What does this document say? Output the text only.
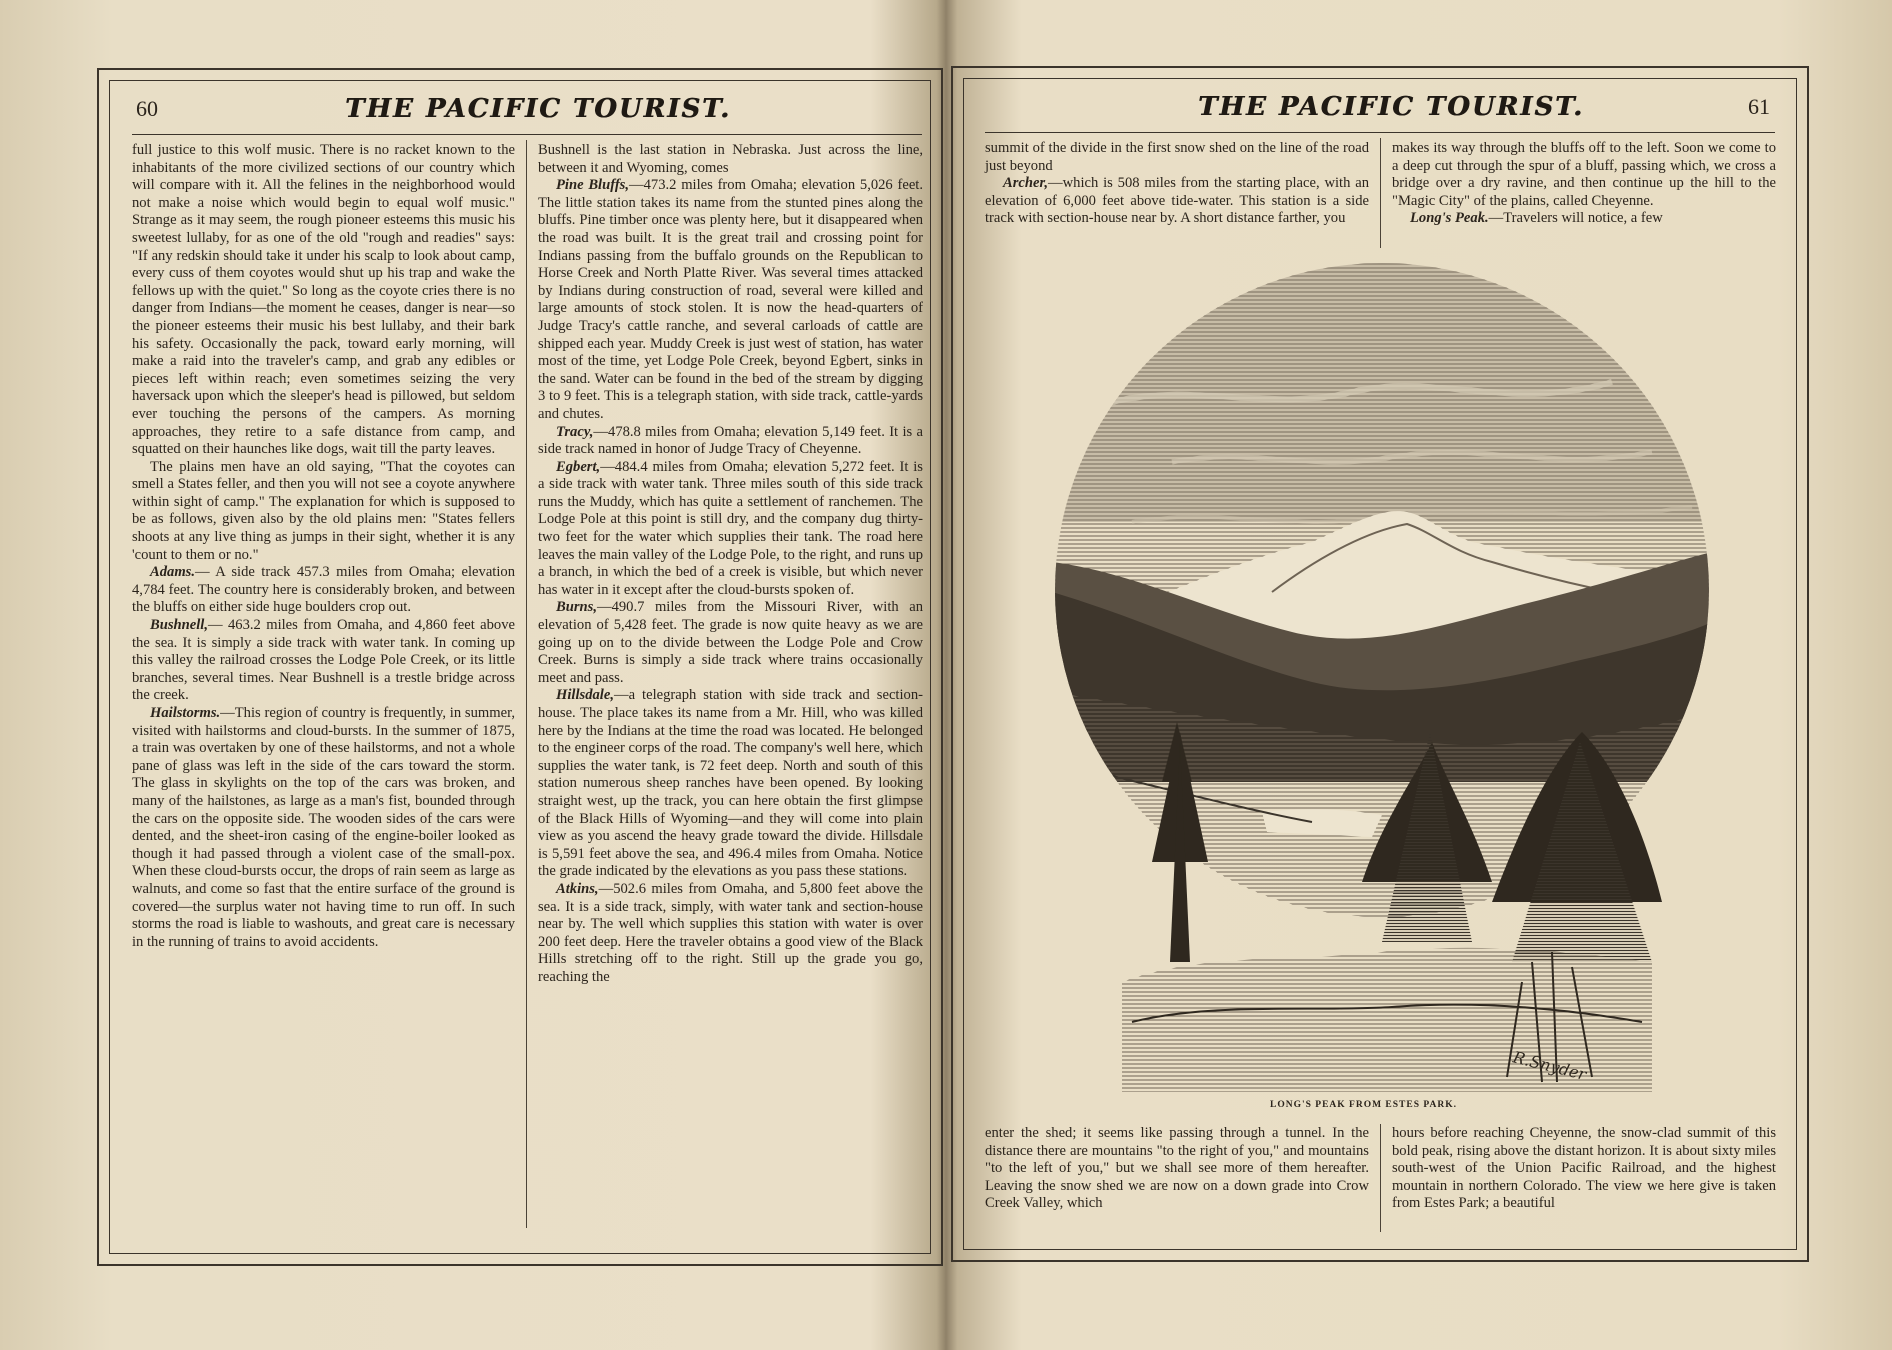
60	THE PACIFIC TOURIST.

full justice to this wolf music. There is no racket known to the inhabitants of the more civilized sections of our country which will compare with it. All the felines in the neighborhood would not make a noise which would begin to equal wolf music." Strange as it may seem, the rough pioneer esteems this music his sweetest lullaby, for as one of the old "rough and readies" says: "If any redskin should take it under his scalp to look about camp, every cuss of them coyotes would shut up his trap and wake the fellows up with the quiet." So long as the coyote cries there is no danger from Indians—the moment he ceases, danger is near—so the pioneer esteems their music his best lullaby, and their bark his safety. Occasionally the pack, toward early morning, will make a raid into the traveler's camp, and grab any edibles or pieces left within reach; even sometimes seizing the very haversack upon which the sleeper's head is pillowed, but seldom ever touching the persons of the campers. As morning approaches, they retire to a safe distance from camp, and squatted on their haunches like dogs, wait till the party leaves.

The plains men have an old saying, "That the coyotes can smell a States feller, and then you will not see a coyote anywhere within sight of camp." The explanation for which is supposed to be as follows, given also by the old plains men: "States fellers shoots at any live thing as jumps in their sight, whether it is any 'count to them or no."

Adams.— A side track 457.3 miles from Omaha; elevation 4,784 feet. The country here is considerably broken, and between the bluffs on either side huge boulders crop out.

Bushnell,— 463.2 miles from Omaha, and 4,860 feet above the sea. It is simply a side track with water tank. In coming up this valley the railroad crosses the Lodge Pole Creek, or its little branches, several times. Near Bushnell is a trestle bridge across the creek.

Hailstorms.—This region of country is frequently, in summer, visited with hailstorms and cloud-bursts. In the summer of 1875, a train was overtaken by one of these hailstorms, and not a whole pane of glass was left in the side of the cars toward the storm. The glass in skylights on the top of the cars was broken, and many of the hailstones, as large as a man's fist, bounded through the cars on the opposite side. The wooden sides of the cars were dented, and the sheet-iron casing of the engine-boiler looked as though it had passed through a violent case of the small-pox. When these cloud-bursts occur, the drops of rain seem as large as walnuts, and come so fast that the entire surface of the ground is covered—the surplus water not having time to run off. In such storms the road is liable to washouts, and great care is necessary in the running of trains to avoid accidents.

Bushnell is the last station in Nebraska. Just across the line, between it and Wyoming, comes

Pine Bluffs,—473.2 miles from Omaha; elevation 5,026 feet. The little station takes its name from the stunted pines along the bluffs. Pine timber once was plenty here, but it disappeared when the road was built. It is the great trail and crossing point for Indians passing from the buffalo grounds on the Republican to Horse Creek and North Platte River. Was several times attacked by Indians during construction of road, several were killed and large amounts of stock stolen. It is now the head-quarters of Judge Tracy's cattle ranche, and several carloads of cattle are shipped each year. Muddy Creek is just west of station, has water most of the time, yet Lodge Pole Creek, beyond Egbert, sinks in the sand. Water can be found in the bed of the stream by digging 3 to 9 feet. This is a telegraph station, with side track, cattle-yards and chutes.

Tracy,—478.8 miles from Omaha; elevation 5,149 feet. It is a side track named in honor of Judge Tracy of Cheyenne.

Egbert,—484.4 miles from Omaha; elevation 5,272 feet. It is a side track with water tank. Three miles south of this side track runs the Muddy, which has quite a settlement of ranchemen. The Lodge Pole at this point is still dry, and the company dug thirty-two feet for the water which supplies their tank. The road here leaves the main valley of the Lodge Pole, to the right, and runs up a branch, in which the bed of a creek is visible, but which never has water in it except after the cloud-bursts spoken of.

Burns,—490.7 miles from the Missouri River, with an elevation of 5,428 feet. The grade is now quite heavy as we are going up on to the divide between the Lodge Pole and Crow Creek. Burns is simply a side track where trains occasionally meet and pass.

Hillsdale,—a telegraph station with side track and section-house. The place takes its name from a Mr. Hill, who was killed here by the Indians at the time the road was located. He belonged to the engineer corps of the road. The company's well here, which supplies the water tank, is 72 feet deep. North and south of this station numerous sheep ranches have been opened. By looking straight west, up the track, you can here obtain the first glimpse of the Black Hills of Wyoming—and they will come into plain view as you ascend the heavy grade toward the divide. Hillsdale is 5,591 feet above the sea, and 496.4 miles from Omaha. Notice the grade indicated by the elevations as you pass these stations.

Atkins,—502.6 miles from Omaha, and 5,800 feet above the sea. It is a side track, simply, with water tank and section-house near by. The well which supplies this station with water is over 200 feet deep. Here the traveler obtains a good view of the Black Hills stretching off to the right. Still up the grade you go, reaching the

THE PACIFIC TOURIST.	61

summit of the divide in the first snow shed on the line of the road just beyond

Archer,—which is 508 miles from the starting place, with an elevation of 6,000 feet above tide-water. This station is a side track with section-house near by. A short distance farther, you

makes its way through the bluffs off to the left. Soon we come to a deep cut through the spur of a bluff, passing which, we cross a bridge over a dry ravine, and then continue up the hill to the "Magic City" of the plains, called Cheyenne.

Long's Peak.—Travelers will notice, a few

R.Snyder
LONG'S PEAK FROM ESTES PARK.

enter the shed; it seems like passing through a tunnel. In the distance there are mountains "to the right of you," and mountains "to the left of you," but we shall see more of them hereafter. Leaving the snow shed we are now on a down grade into Crow Creek Valley, which

hours before reaching Cheyenne, the snow-clad summit of this bold peak, rising above the distant horizon. It is about sixty miles south-west of the Union Pacific Railroad, and the highest mountain in northern Colorado. The view we here give is taken from Estes Park; a beautiful
